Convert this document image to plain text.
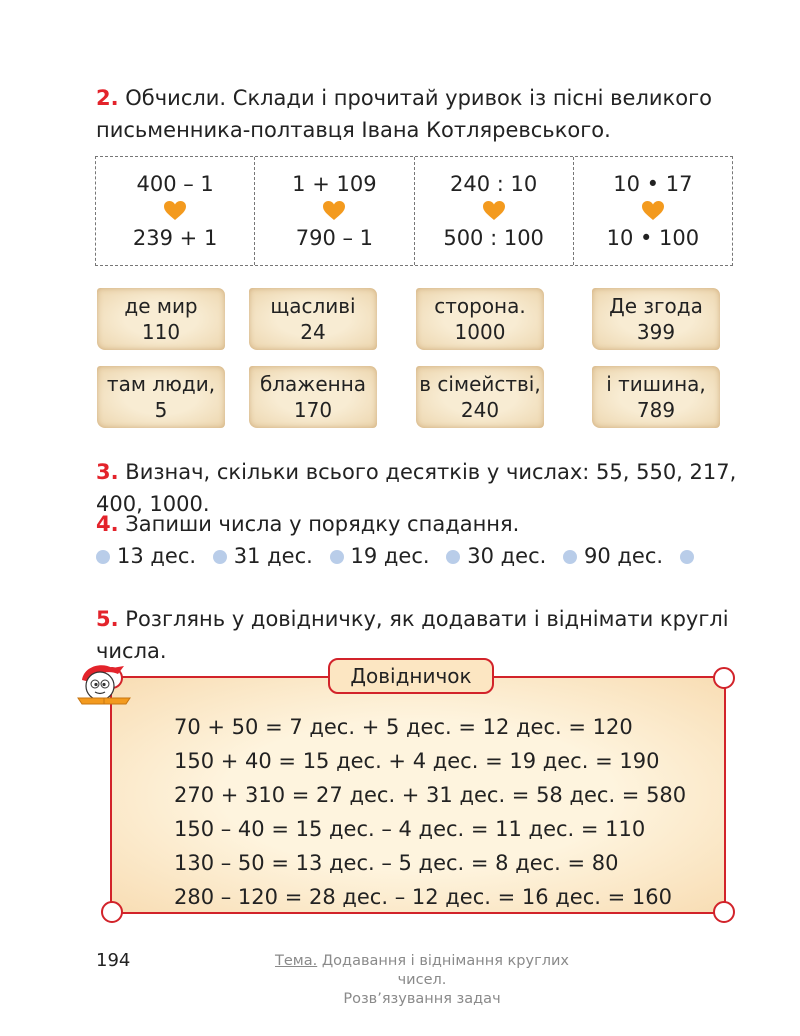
2. Обчисли. Склади і прочитай уривок із пісні великого письменника-полтавця Івана Котляревського.
400 – 1
239 + 1
1 + 109
790 – 1
240 : 10
500 : 100
10 • 17
10 • 100
де мир
110
щасливі
24
сторона.
1000
Де згода
399
там люди,
5
блаженна
170
в сімействі,
240
і тишина,
789
3. Визнач, скільки всього десятків у числах: 55, 550, 217, 400, 1000.
4. Запиши числа у порядку спадання.
13 дес. 31 дес. 19 дес. 30 дес. 90 дес.
5. Розглянь у довідничку, як додавати і віднімати круглі числа.
Довідничок
70 + 50 = 7 дес. + 5 дес. = 12 дес. = 120
150 + 40 = 15 дес. + 4 дес. = 19 дес. = 190
270 + 310 = 27 дес. + 31 дес. = 58 дес. = 580
150 – 40 = 15 дес. – 4 дес. = 11 дес. = 110
130 – 50 = 13 дес. – 5 дес. = 8 дес. = 80
280 – 120 = 28 дес. – 12 дес. = 16 дес. = 160
194	Тема. Додавання і віднімання круглих чисел.
Розв’язування задач
